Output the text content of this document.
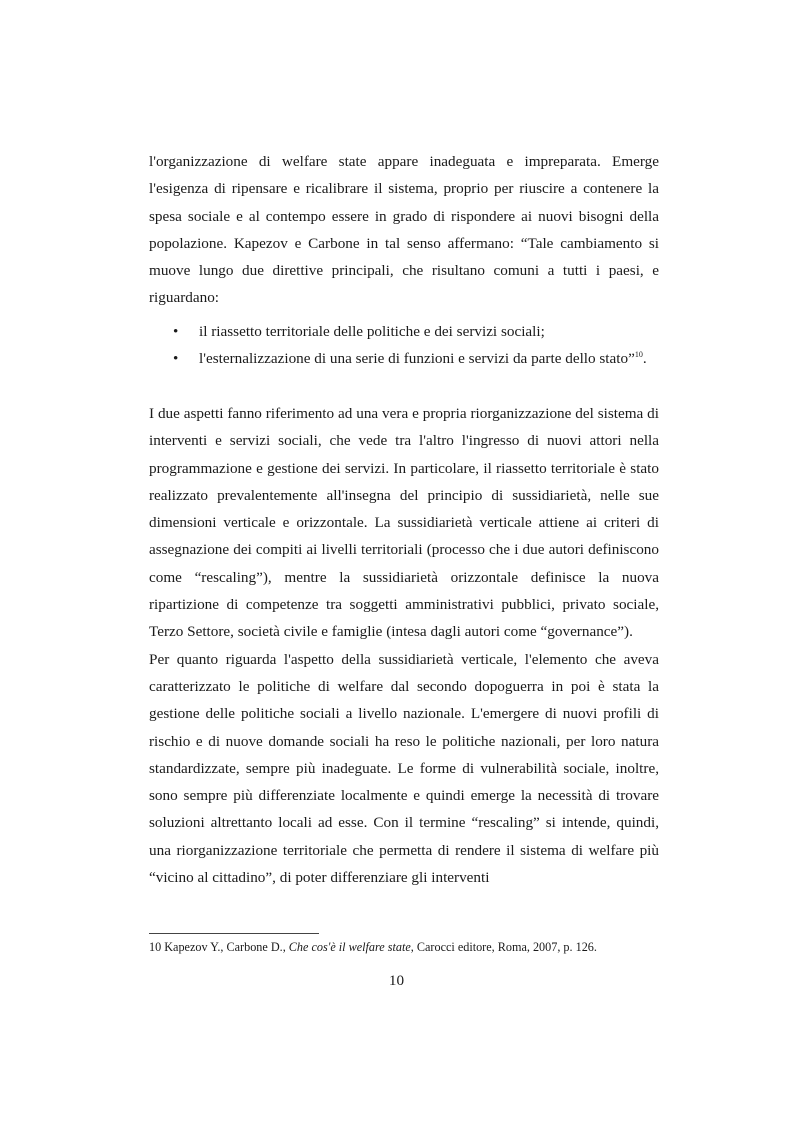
l'organizzazione di welfare state appare inadeguata e impreparata. Emerge l'esigenza di ripensare e ricalibrare il sistema, proprio per riuscire a contenere la spesa sociale e al contempo essere in grado di rispondere ai nuovi bisogni della popolazione. Kapezov e Carbone in tal senso affermano: “Tale cambiamento si muove lungo due direttive principali, che risultano comuni a tutti i paesi, e riguardano:

• il riassetto territoriale delle politiche e dei servizi sociali;
• l'esternalizzazione di una serie di funzioni e servizi da parte dello stato”$^{10}$.

I due aspetti fanno riferimento ad una vera e propria riorganizzazione del sistema di interventi e servizi sociali, che vede tra l'altro l'ingresso di nuovi attori nella programmazione e gestione dei servizi. In particolare, il riassetto territoriale è stato realizzato prevalentemente all'insegna del principio di sussidiarietà, nelle sue dimensioni verticale e orizzontale. La sussidiarietà verticale attiene ai criteri di assegnazione dei compiti ai livelli territoriali (processo che i due autori definiscono come “rescaling”), mentre la sussidiarietà orizzontale definisce la nuova ripartizione di competenze tra soggetti amministrativi pubblici, privato sociale, Terzo Settore, società civile e famiglie (intesa dagli autori come “governance”).

Per quanto riguarda l'aspetto della sussidiarietà verticale, l'elemento che aveva caratterizzato le politiche di welfare dal secondo dopoguerra in poi è stata la gestione delle politiche sociali a livello nazionale. L'emergere di nuovi profili di rischio e di nuove domande sociali ha reso le politiche nazionali, per loro natura standardizzate, sempre più inadeguate. Le forme di vulnerabilità sociale, inoltre, sono sempre più differenziate localmente e quindi emerge la necessità di trovare soluzioni altrettanto locali ad esse. Con il termine “rescaling” si intende, quindi, una riorganizzazione territoriale che permetta di rendere il sistema di welfare più “vicino al cittadino”, di poter differenziare gli interventi

10 Kapezov Y., Carbone D., Che cos'è il welfare state, Carocci editore, Roma, 2007, p. 126.
10
